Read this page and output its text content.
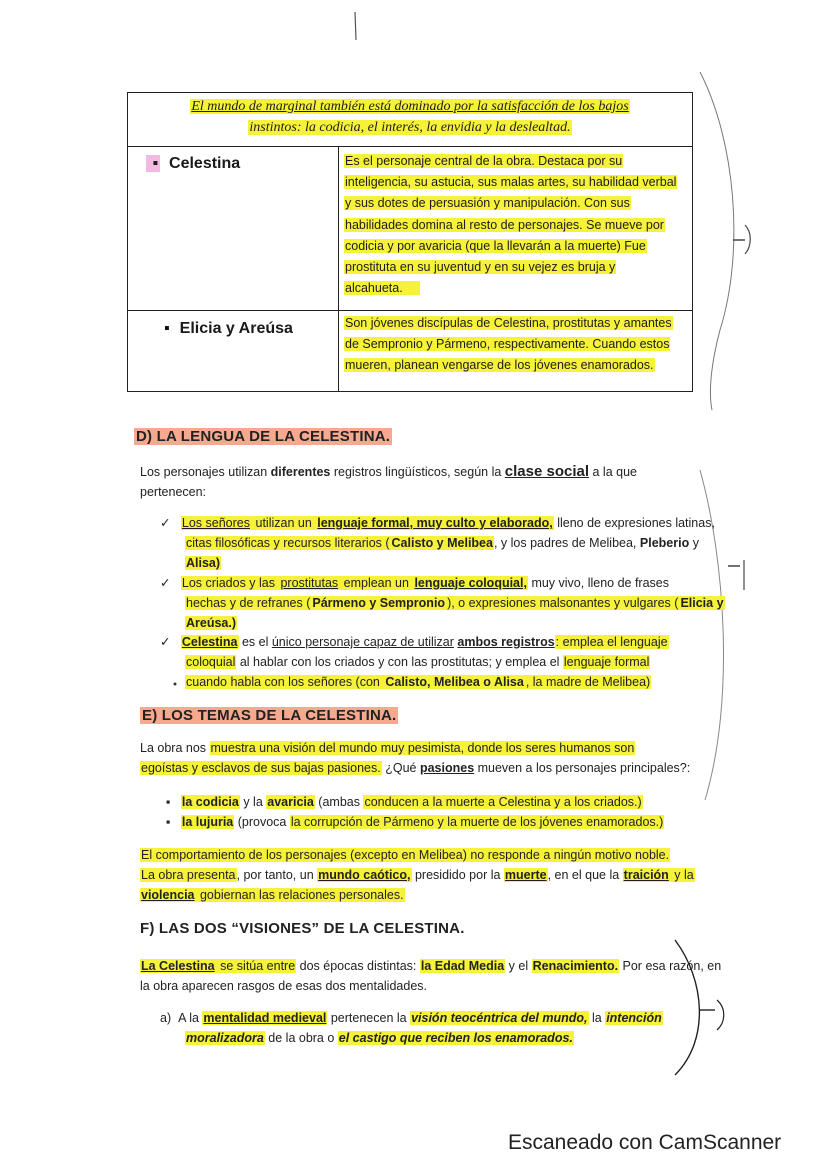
El mundo de marginal también está dominado por la satisfacción de los bajos
instintos: la codicia, el interés, la envidia y la deslealtad.
▪ Celestina	Es el personaje central de la obra. Destaca por su
inteligencia, su astucia, sus malas artes, su habilidad verbal
y sus dotes de persuasión y manipulación. Con sus
habilidades domina al resto de personajes. Se mueve por
codicia y por avaricia (que la llevarán a la muerte) Fue
prostituta en su juventud y en su vejez es bruja y
alcahueta.
▪ Elicia y Areúsa	Son jóvenes discípulas de Celestina, prostitutas y amantes
de Sempronio y Pármeno, respectivamente. Cuando estos
mueren, planean vengarse de los jóvenes enamorados.
D) LA LENGUA DE LA CELESTINA.
Los personajes utilizan diferentes registros lingüísticos, según la clase social a la que
pertenecen:
✓ Los señores utilizan un lenguaje formal, muy culto y elaborado, lleno de expresiones latinas,
citas filosóficas y recursos literarios ( Calisto y Melibea, y los padres de Melibea, Pleberio y
Alisa)
✓ Los criados y las prostitutas emplean un lenguaje coloquial, muy vivo, lleno de frases
hechas y de refranes ( Pármeno y Sempronio ), o expresiones malsonantes y vulgares ( Elicia y
Areúsa.)
✓ Celestina es el único personaje capaz de utilizar ambos registros: emplea el lenguaje
coloquial al hablar con los criados y con las prostitutas; y emplea el lenguaje formal
cuando habla con los señores (con Calisto, Melibea o Alisa , la madre de Melibea)
E) LOS TEMAS DE LA CELESTINA.
La obra nos muestra una visión del mundo muy pesimista, donde los seres humanos son
egoístas y esclavos de sus bajas pasiones. ¿Qué pasiones mueven a los personajes principales?:
▪ la codicia y la avaricia (ambas conducen a la muerte a Celestina y a los criados.)
▪ la lujuria (provoca la corrupción de Pármeno y la muerte de los jóvenes enamorados.)
El comportamiento de los personajes (excepto en Melibea) no responde a ningún motivo noble.
La obra presenta, por tanto, un mundo caótico, presidido por la muerte, en el que la traición y la
violencia gobiernan las relaciones personales.
F) LAS DOS “VISIONES” DE LA CELESTINA.
La Celestina se sitúa entre dos épocas distintas: la Edad Media y el Renacimiento. Por esa razón, en
la obra aparecen rasgos de esas dos mentalidades.
a) A la mentalidad medieval pertenecen la visión teocéntrica del mundo, la intención
moralizadora de la obra o el castigo que reciben los enamorados.
Escaneado con CamScanner
